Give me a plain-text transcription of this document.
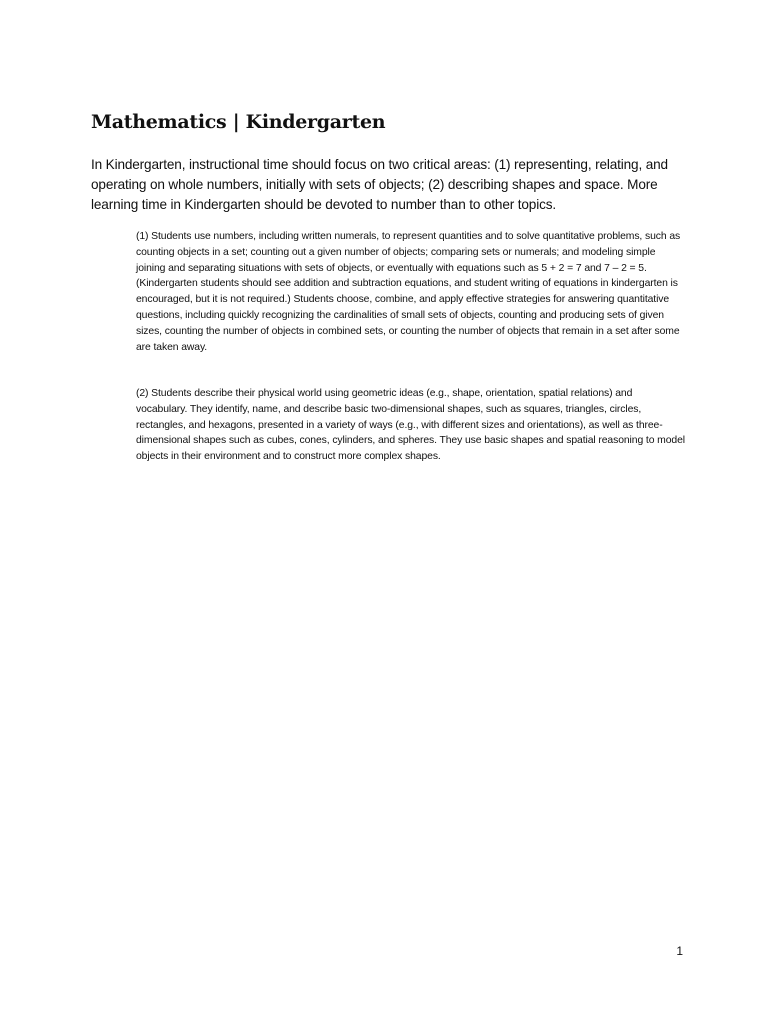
Mathematics | Kindergarten

In Kindergarten, instructional time should focus on two critical areas: (1) representing, relating, and operating on whole numbers, initially with sets of objects; (2) describing shapes and space. More learning time in Kindergarten should be devoted to number than to other topics.

(1) Students use numbers, including written numerals, to represent quantities and to solve quantitative problems, such as counting objects in a set; counting out a given number of objects; comparing sets or numerals; and modeling simple joining and separating situations with sets of objects, or eventually with equations such as 5 + 2 = 7 and 7 – 2 = 5. (Kindergarten students should see addition and subtraction equations, and student writing of equations in kindergarten is encouraged, but it is not required.) Students choose, combine, and apply effective strategies for answering quantitative questions, including quickly recognizing the cardinalities of small sets of objects, counting and producing sets of given sizes, counting the number of objects in combined sets, or counting the number of objects that remain in a set after some are taken away.

(2) Students describe their physical world using geometric ideas (e.g., shape, orientation, spatial relations) and vocabulary. They identify, name, and describe basic two-dimensional shapes, such as squares, triangles, circles, rectangles, and hexagons, presented in a variety of ways (e.g., with different sizes and orientations), as well as three-dimensional shapes such as cubes, cones, cylinders, and spheres. They use basic shapes and spatial reasoning to model objects in their environment and to construct more complex shapes.

1
